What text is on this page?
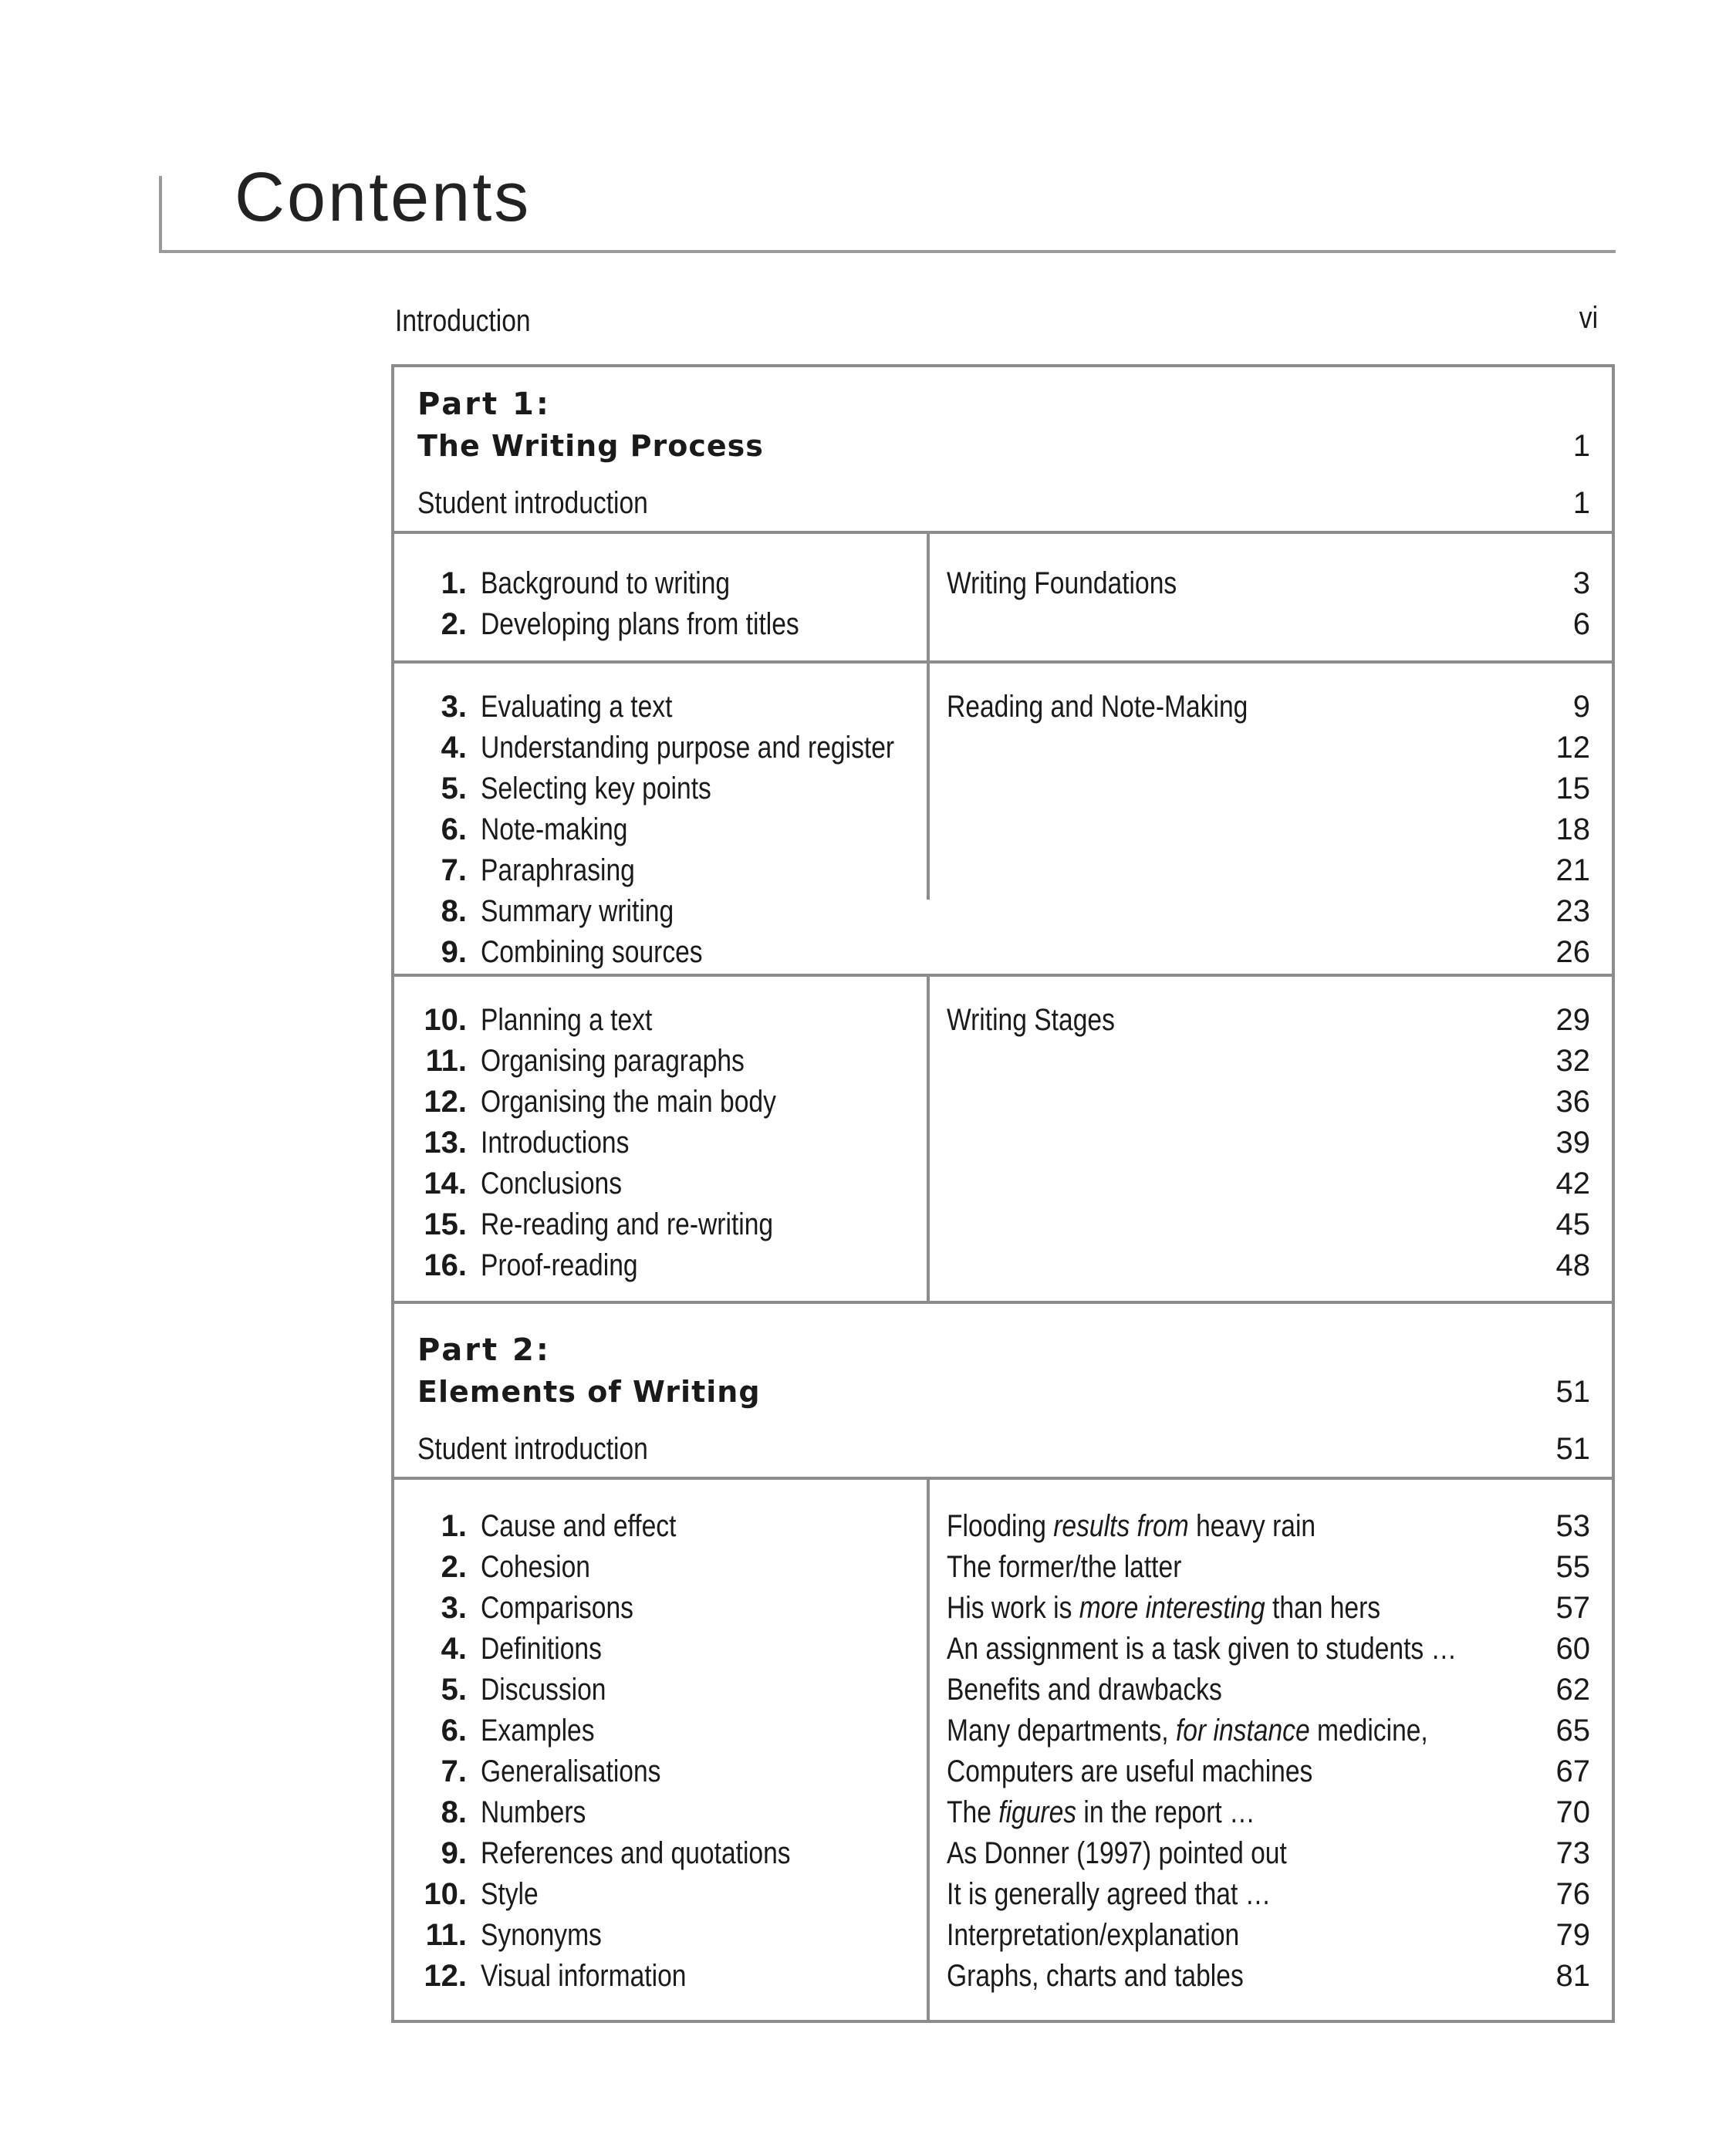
Contents
Introduction	vi
Part 1:
The Writing Process	1
Student introduction	1
Writing Foundations
1. Background to writing	3
2. Developing plans from titles	6
Reading and Note-Making
3. Evaluating a text	9
4. Understanding purpose and register	12
5. Selecting key points	15
6. Note-making	18
7. Paraphrasing	21
8. Summary writing	23
9. Combining sources	26
Writing Stages
10. Planning a text	29
11. Organising paragraphs	32
12. Organising the main body	36
13. Introductions	39
14. Conclusions	42
15. Re-reading and re-writing	45
16. Proof-reading	48
Part 2:
Elements of Writing	51
Student introduction	51
1. Cause and effect	Flooding results from heavy rain	53
2. Cohesion	The former/the latter	55
3. Comparisons	His work is more interesting than hers	57
4. Definitions	An assignment is a task given to students …	60
5. Discussion	Benefits and drawbacks	62
6. Examples	Many departments, for instance medicine,	65
7. Generalisations	Computers are useful machines	67
8. Numbers	The figures in the report …	70
9. References and quotations	As Donner (1997) pointed out	73
10. Style	It is generally agreed that …	76
11. Synonyms	Interpretation/explanation	79
12. Visual information	Graphs, charts and tables	81
